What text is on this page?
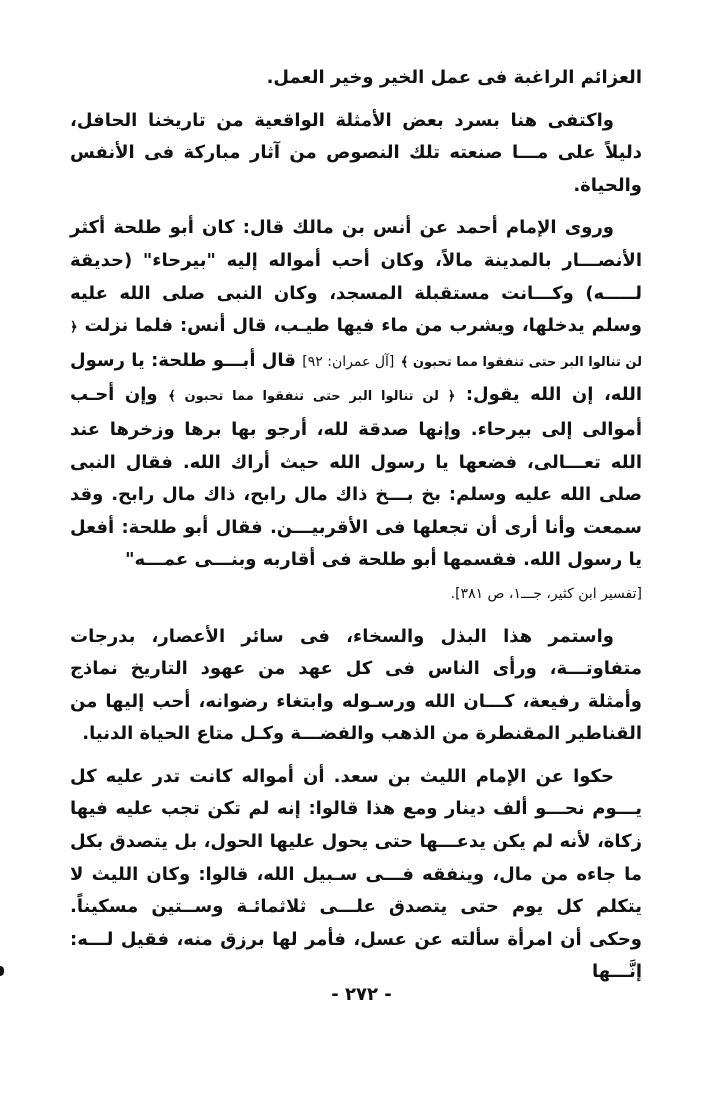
العزائم الراغبة فى عمل الخير وخير العمل.

واكتفى هنا بسرد بعض الأمثلة الواقعية من تاريخنا الحافل، دليلاً على مـــا صنعته تلك النصوص من آثار مباركة فى الأنفس والحياة.

وروى الإمام أحمد عن أنس بن مالك قال: كان أبو طلحة أكثر الأنصـــار بالمدينة مالاً، وكان أحب أمواله إليه "بيرحاء" (حديقة لـــــه) وكـــانت مستقبلة المسجد، وكان النبى صلى الله عليه وسلم يدخلها، ويشرب من ماء فيها طيـب، قال أنس: فلما نزلت ﴿ لن تنالوا البر حتى تنفقوا مما تحبون ﴾ [آل عمران: ٩٢] قال أبـــو طلحة: يا رسول الله، إن الله يقول: ﴿ لن تنالوا البر حتى تنفقوا مما تحبون ﴾ وإن أحـب أموالى إلى بيرحاء. وإنها صدقة لله، أرجو بها برها وزخرها عند الله تعـــالى، فضعها يا رسول الله حيث أراك الله. فقال النبى صلى الله عليه وسلم: بخ بـــخ ذاك مال رابح، ذاك مال رابح. وقد سمعت وأنا أرى أن تجعلها فى الأقربيـــن. فقال أبو طلحة: أفعل يا رسول الله. فقسمها أبو طلحة فى أقاربه وبنـــى عمـــه"
[تفسير ابن كثير، جـــ١، ص ٣٨١].

واستمر هذا البذل والسخاء، فى سائر الأعصار، بدرجات متفاوتـــة، ورأى الناس فى كل عهد من عهود التاريخ نماذج وأمثلة رفيعة، كـــان الله ورسـوله وابتغاء رضوانه، أحب إليها من القناطير المقنطرة من الذهب والفضـــة وكـل متاع الحياة الدنيا.

حكوا عن الإمام الليث بن سعد. أن أمواله كانت تدر عليه كل يـــوم نحـــو ألف دينار ومع هذا قالوا: إنه لم تكن تجب عليه فيها زكاة، لأنه لم يكن يدعـــها حتى يحول عليها الحول، بل يتصدق بكل ما جاءه من مال، وينفقه فـــى سـبيل الله، قالوا: وكان الليث لا يتكلم كل يوم حتى يتصدق علـــى ثلاثمائـة وســتين مسكيناً. وحكى أن امرأة سألته عن عسل، فأمر لها برزق منه، فقيل لـــه: إنَّـــها

- ٢٧٢ -
